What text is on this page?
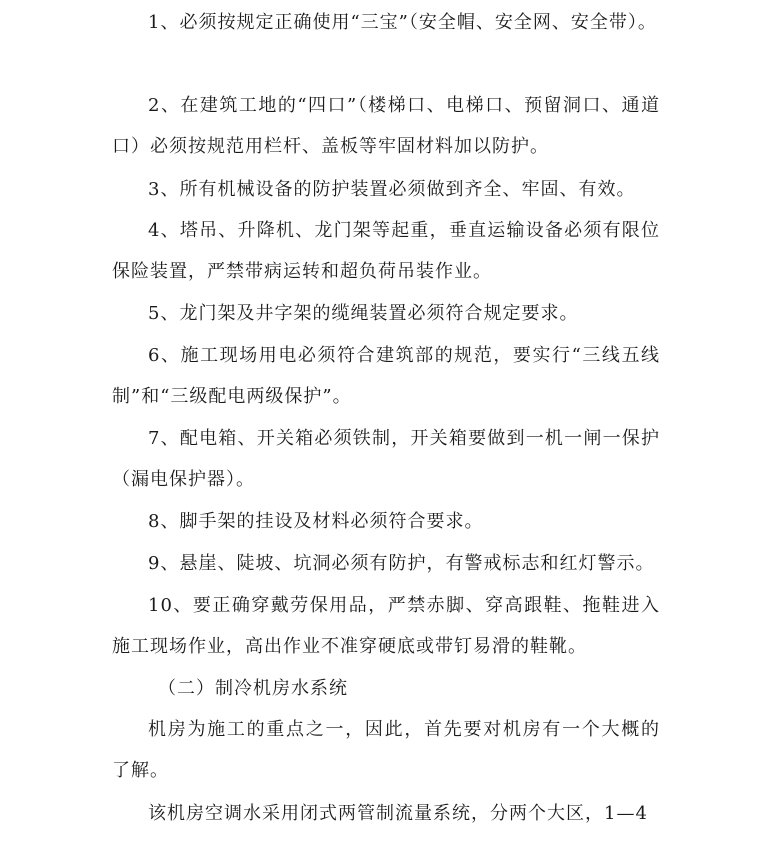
1、必须按规定正确使用“三宝”（安全帽、安全网、安全带）。

2、在建筑工地的“四口”（楼梯口、电梯口、预留洞口、通道口）必须按规范用栏杆、盖板等牢固材料加以防护。

3、所有机械设备的防护装置必须做到齐全、牢固、有效。

4、塔吊、升降机、龙门架等起重，垂直运输设备必须有限位保险装置，严禁带病运转和超负荷吊装作业。

5、龙门架及井字架的缆绳装置必须符合规定要求。

6、施工现场用电必须符合建筑部的规范，要实行“三线五线制”和“三级配电两级保护”。

7、配电箱、开关箱必须铁制，开关箱要做到一机一闸一保护（漏电保护器）。

8、脚手架的挂设及材料必须符合要求。

9、悬崖、陡坡、坑洞必须有防护，有警戒标志和红灯警示。

10、要正确穿戴劳保用品，严禁赤脚、穿高跟鞋、拖鞋进入施工现场作业，高出作业不准穿硬底或带钉易滑的鞋靴。

（二）制冷机房水系统

机房为施工的重点之一，因此，首先要对机房有一个大概的了解。

该机房空调水采用闭式两管制流量系统，分两个大区，1—4
